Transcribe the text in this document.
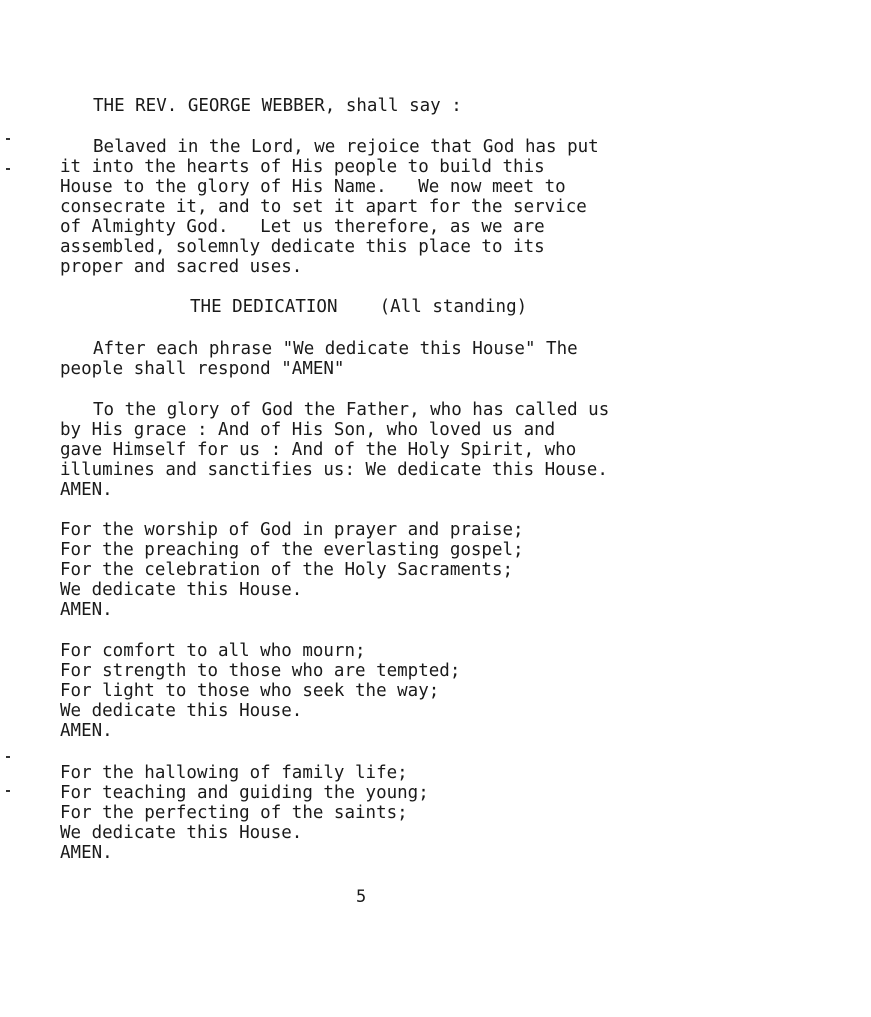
THE REV. GEORGE WEBBER, shall say :
Belaved in the Lord, we rejoice that God has put
it into the hearts of His people to build this
House to the glory of His Name.   We now meet to
consecrate it, and to set it apart for the service
of Almighty God.   Let us therefore, as we are
assembled, solemnly dedicate this place to its
proper and sacred uses.
THE DEDICATION    (All standing)
After each phrase "We dedicate this House" The
people shall respond "AMEN"
To the glory of God the Father, who has called us
by His grace : And of His Son, who loved us and
gave Himself for us : And of the Holy Spirit, who
illumines and sanctifies us: We dedicate this House.
AMEN.
For the worship of God in prayer and praise;
For the preaching of the everlasting gospel;
For the celebration of the Holy Sacraments;
We dedicate this House.
AMEN.
For comfort to all who mourn;
For strength to those who are tempted;
For light to those who seek the way;
We dedicate this House.
AMEN.
For the hallowing of family life;
For teaching and guiding the young;
For the perfecting of the saints;
We dedicate this House.
AMEN.
5
